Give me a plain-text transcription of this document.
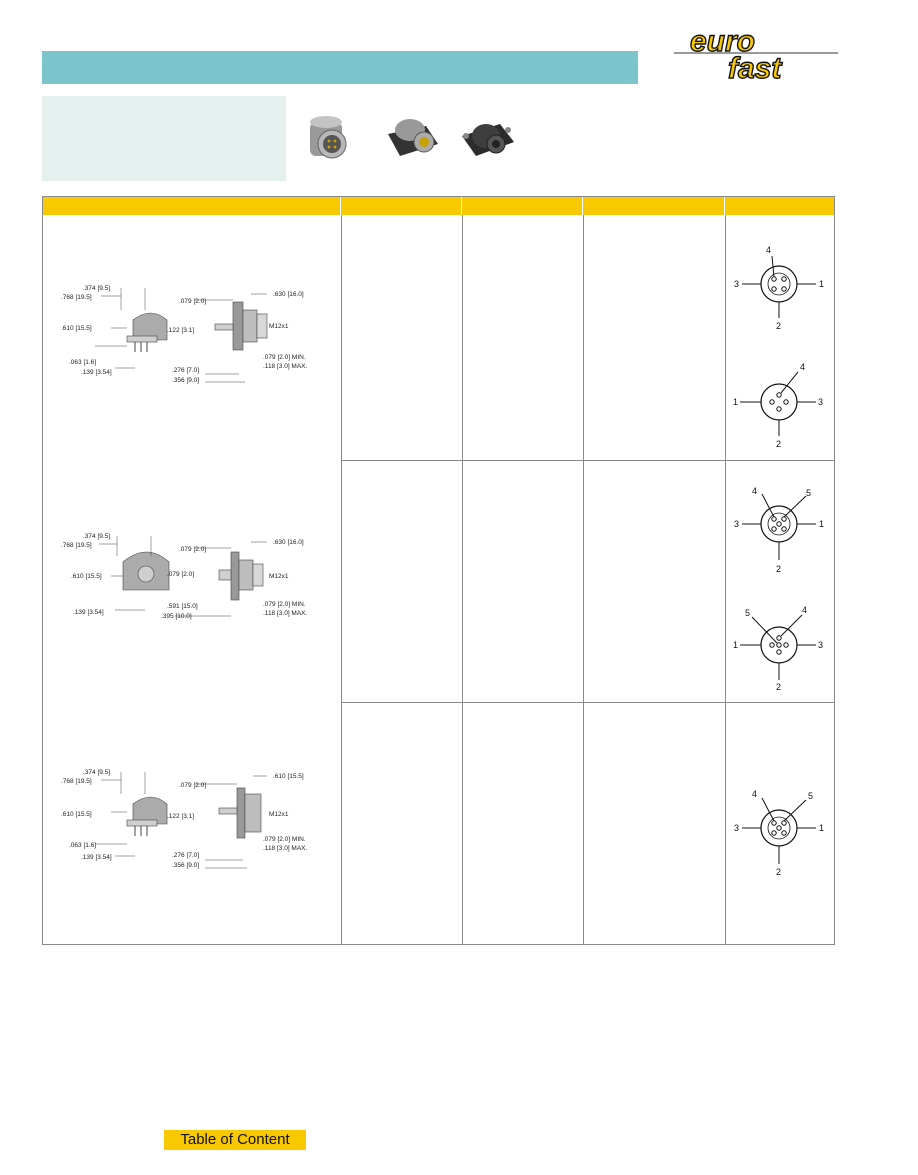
euro
fast
.374 [9.5]
.768 [19.5]
.610 [15.5]
.063 [1.6]
.139 [3.54]
.079 [2.0]
.122 [3.1]
.276 [7.0]
.356 [9.0]
.630 [16.0]
M12x1
.079 [2.0] MIN.
.118 [3.0] MAX.
.374 [9.5]
.768 [19.5]
.610 [15.5]	.079 [2.0]
.139 [3.54]
.079 [2.0]
.591 [15.0]
.395 [10.0]
.630 [16.0]
M12x1
.079 [2.0] MIN.
.118 [3.0] MAX.
.374 [9.5]
.768 [19.5]
.610 [15.5]
.063 [1.6]
.139 [3.54]
.079 [2.0]
.122 [3.1]
.276 [7.0]
.356 [9.0]
.610 [15.5]
M12x1
.079 [2.0] MIN.
.118 [3.0] MAX.
4
3	1
2
4
1	3
2
4	5
3	1
2
5	4
1	3
2
4	5
3	1
2
Table of Content
